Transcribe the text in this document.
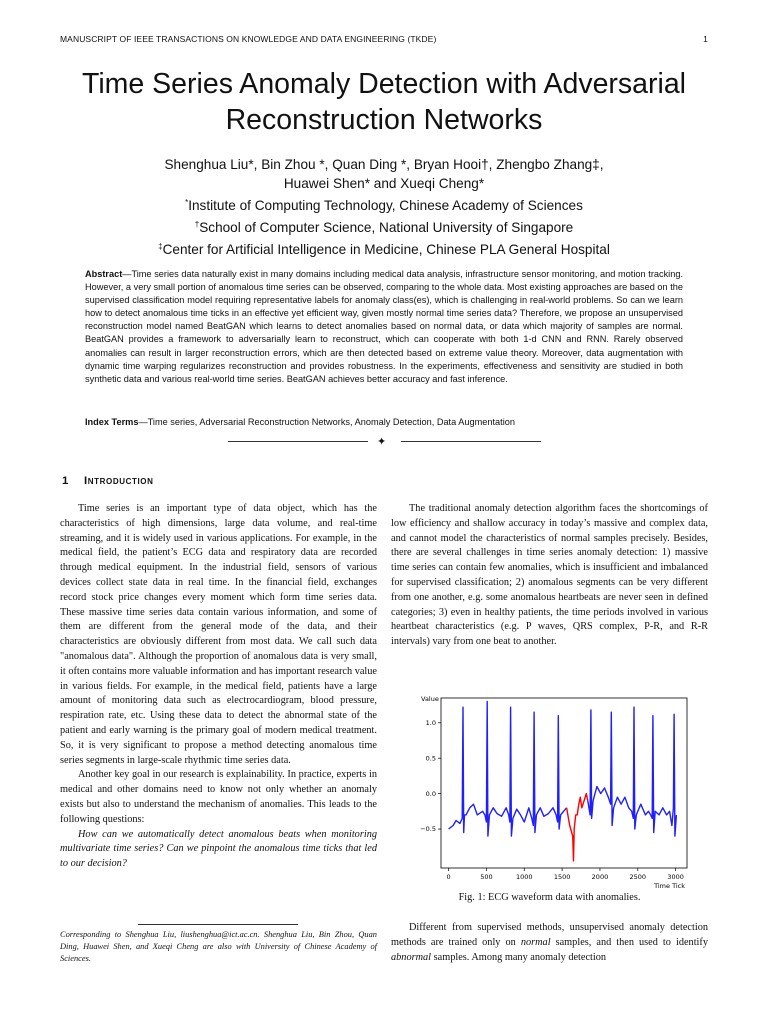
MANUSCRIPT OF IEEE TRANSACTIONS ON KNOWLEDGE AND DATA ENGINEERING (TKDE)	1
Time Series Anomaly Detection with Adversarial
Reconstruction Networks
Shenghua Liu*, Bin Zhou *, Quan Ding *, Bryan Hooi†, Zhengbo Zhang‡,
Huawei Shen* and Xueqi Cheng*
*Institute of Computing Technology, Chinese Academy of Sciences
†School of Computer Science, National University of Singapore
‡Center for Artificial Intelligence in Medicine, Chinese PLA General Hospital
Abstract—Time series data naturally exist in many domains including medical data analysis, infrastructure sensor monitoring, and motion tracking. However, a very small portion of anomalous time series can be observed, comparing to the whole data. Most existing approaches are based on the supervised classification model requiring representative labels for anomaly class(es), which is challenging in real-world problems. So can we learn how to detect anomalous time ticks in an effective yet efficient way, given mostly normal time series data? Therefore, we propose an unsupervised reconstruction model named BeatGAN which learns to detect anomalies based on normal data, or data which majority of samples are normal. BeatGAN provides a framework to adversarially learn to reconstruct, which can cooperate with both 1-d CNN and RNN. Rarely observed anomalies can result in larger reconstruction errors, which are then detected based on extreme value theory. Moreover, data augmentation with dynamic time warping regularizes reconstruction and provides robustness. In the experiments, effectiveness and sensitivity are studied in both synthetic data and various real-world time series. BeatGAN achieves better accuracy and fast inference.
Index Terms—Time series, Adversarial Reconstruction Networks, Anomaly Detection, Data Augmentation
✦
1 Introduction

Time series is an important type of data object, which has the characteristics of high dimensions, large data volume, and real-time streaming, and it is widely used in various applications. For example, in the medical field, the patient’s ECG data and respiratory data are recorded through medical equipment. In the industrial field, sensors of various devices collect state data in real time. In the financial field, exchanges record stock price changes every moment which form time series data. These massive time series data contain various information, and some of them are different from the general mode of the data, and their characteristics are obviously different from most data. We call such data "anomalous data". Although the proportion of anomalous data is very small, it often contains more valuable information and has important research value in various fields. For example, in the medical field, patients have a large amount of monitoring data such as electrocardiogram, blood pressure, respiration rate, etc. Using these data to detect the abnormal state of the patient and early warning is the primary goal of modern medical treatment. So, it is very significant to propose a method detecting anomalous time series segments in large-scale rhythmic time series data.

Another key goal in our research is explainability. In practice, experts in medical and other domains need to know not only whether an anomaly exists but also to understand the mechanism of anomalies. This leads to the following questions:

How can we automatically detect anomalous beats when monitoring multivariate time series? Can we pinpoint the anomalous time ticks that led to our decision?

Corresponding to Shenghua Liu, liushenghua@ict.ac.cn. Shenghua Liu, Bin Zhou, Quan Ding, Huawei Shen, and Xueqi Cheng are also with University of Chinese Academy of Sciences.

The traditional anomaly detection algorithm faces the shortcomings of low efficiency and shallow accuracy in today’s massive and complex data, and cannot model the characteristics of normal samples precisely. Besides, there are several challenges in time series anomaly detection: 1) massive time series can contain few anomalies, which is insufficient and imbalanced for supervised classification; 2) anomalous segments can be very different from one another, e.g. some anomalous heartbeats are never seen in defined categories; 3) even in healthy patients, the time periods involved in various heartbeat characteristics (e.g. P waves, QRS complex, P-R, and R-R intervals) vary from one beat to another.

0	500	1000	1500	2000	2500	3000
1.0
0.5
0.0
−0.5
Value
Time Tick
Fig. 1: ECG waveform data with anomalies.

Different from supervised methods, unsupervised anomaly detection methods are trained only on normal samples, and then used to identify abnormal samples. Among many anomaly detection
